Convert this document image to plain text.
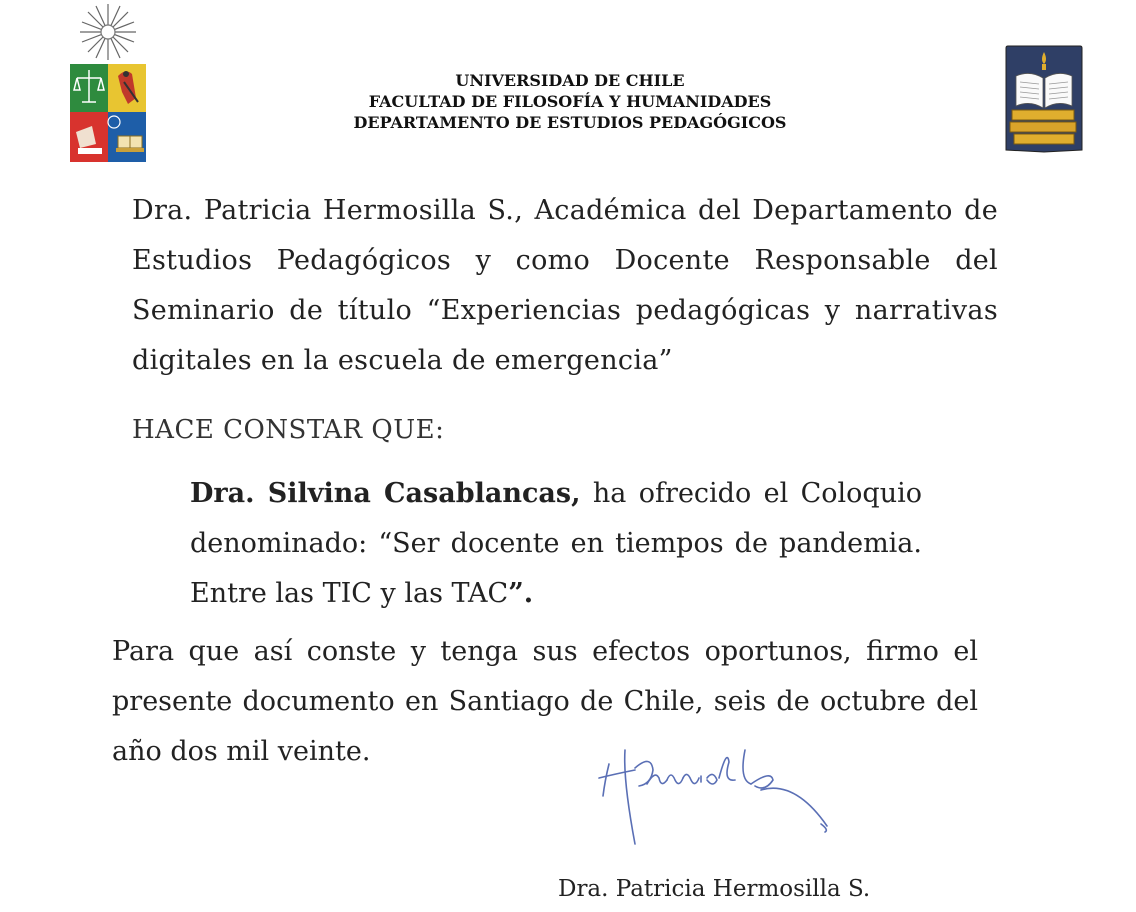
UNIVERSIDAD DE CHILE
FACULTAD DE FILOSOFÍA Y HUMANIDADES
DEPARTAMENTO DE ESTUDIOS PEDAGÓGICOS
Dra. Patricia Hermosilla S., Académica del Departamento de
Estudios Pedagógicos y como Docente Responsable del
Seminario de título “Experiencias pedagógicas y narrativas
digitales en la escuela de emergencia”
HACE CONSTAR QUE:
Dra. Silvina Casablancas, ha ofrecido el Coloquio
denominado: “Ser docente en tiempos de pandemia.
Entre las TIC y las TAC”.
Para que así conste y tenga sus efectos oportunos, firmo el
presente documento en Santiago de Chile, seis de octubre del
año dos mil veinte.
Dra. Patricia Hermosilla S.
